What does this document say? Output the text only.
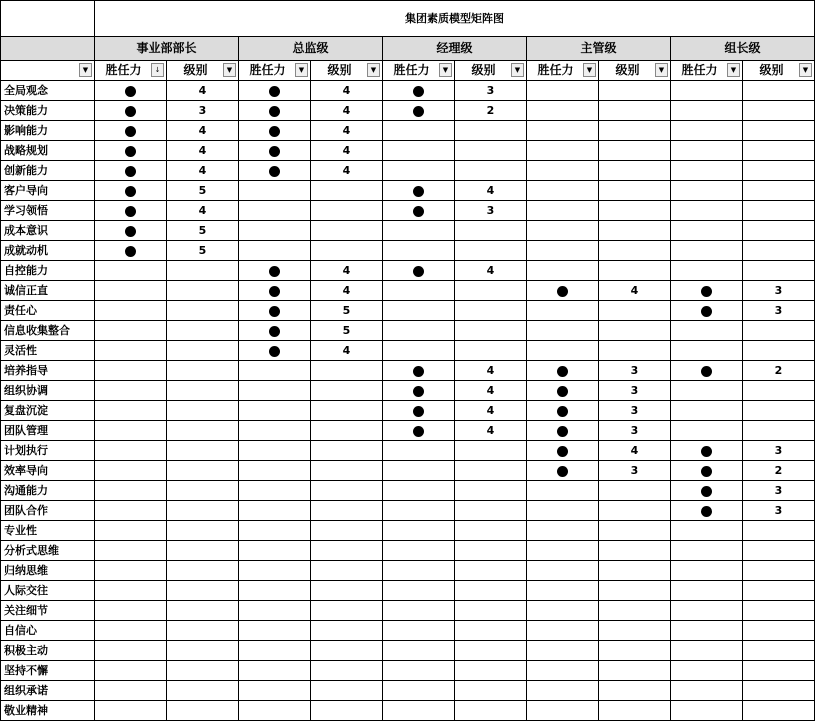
	集团素质模型矩阵图									
	事业部部长		总监级		经理级		主管级		组长级	

▼	胜任力 ↓	级别 ▼	胜任力 ▼	级别 ▼	胜任力 ▼	级别 ▼	胜任力 ▼	级别 ▼	胜任力 ▼	级别 ▼

全局观念		4		4		3				
决策能力		3		4		2				
影响能力		4		4						
战略规划		4		4						
创新能力		4		4						
客户导向		5				4				
学习领悟		4				3				
成本意识		5								
成就动机		5								
自控能力				4		4				
诚信正直				4				4		3
责任心				5						3
信息收集整合				5						
灵活性				4						
培养指导						4		3		2
组织协调						4		3		
复盘沉淀						4		3		
团队管理						4		3		
计划执行								4		3
效率导向								3		2
沟通能力										3
团队合作										3
专业性										
分析式思维										
归纳思维										
人际交往										
关注细节										
自信心										
积极主动										
坚持不懈										
组织承诺										
敬业精神										
